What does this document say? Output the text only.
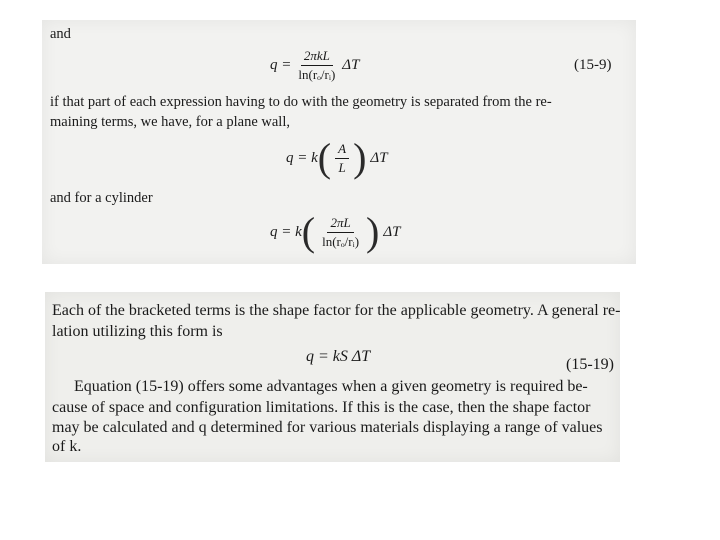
and
$q = \frac{\text{2πkL}}{\text{ln(rₒ/rᵢ)}}$ ΔT	(15-9)
if that part of each expression having to do with the geometry is separated from the re-
maining terms, we have, for a plane wall,
q = k ( $\frac{A}{L}$ ) ΔT
and for a cylinder
q = k ( $\frac{2\pi L}{\text{ln(rₒ/rᵢ)}}$ ) ΔT
Each of the bracketed terms is the shape factor for the applicable geometry. A general re-
lation utilizing this form is
q = kS ΔT	(15-19)
Equation (15-19) offers some advantages when a given geometry is required be-
cause of space and configuration limitations. If this is the case, then the shape factor
may be calculated and q determined for various materials displaying a range of values
of k.
